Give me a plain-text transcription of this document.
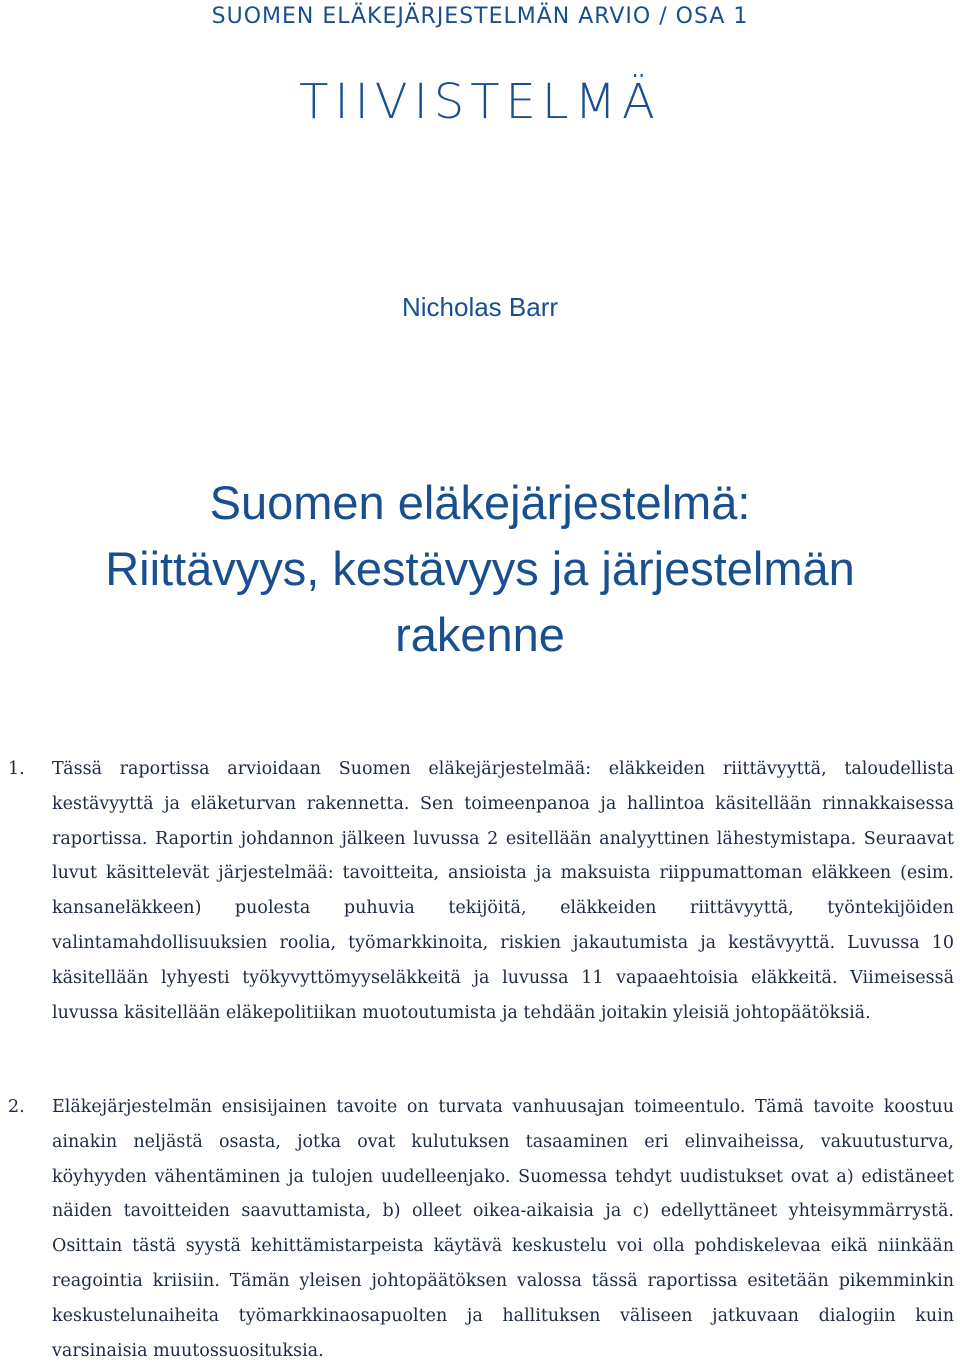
SUOMEN ELÄKEJÄRJESTELMÄN ARVIO / OSA 1
TIIVISTELMÄ
Nicholas Barr
Suomen eläkejärjestelmä:
Riittävyys, kestävyys ja järjestelmän
rakenne
1. Tässä raportissa arvioidaan Suomen eläkejärjestelmää: eläkkeiden riittävyyttä, taloudellista kestävyyttä ja eläketurvan rakennetta. Sen toimeenpanoa ja hallintoa käsitellään rinnakkaisessa raportissa. Raportin johdannon jälkeen luvussa 2 esitellään analyyttinen lähestymistapa. Seuraavat luvut käsittelevät järjestelmää: tavoitteita, ansioista ja maksuista riippumattoman eläkkeen (esim. kansaneläkkeen) puolesta puhuvia tekijöitä, eläkkeiden riittävyyttä, työntekijöiden valintamahdollisuuksien roolia, työmarkkinoita, riskien jakautumista ja kestävyyttä. Luvussa 10 käsitellään lyhyesti työkyvyttömyyseläkkeitä ja luvussa 11 vapaaehtoisia eläkkeitä. Viimeisessä luvussa käsitellään eläkepolitiikan muotoutumista ja tehdään joitakin yleisiä johtopäätöksiä.
2. Eläkejärjestelmän ensisijainen tavoite on turvata vanhuusajan toimeentulo. Tämä tavoite koostuu ainakin neljästä osasta, jotka ovat kulutuksen tasaaminen eri elinvaiheissa, vakuutusturva, köyhyyden vähentäminen ja tulojen uudelleenjako. Suomessa tehdyt uudistukset ovat a) edistäneet näiden tavoitteiden saavuttamista, b) olleet oikea-aikaisia ja c) edellyttäneet yhteisymmärrystä. Osittain tästä syystä kehittämistarpeista käytävä keskustelu voi olla pohdiskelevaa eikä niinkään reagointia kriisiin. Tämän yleisen johtopäätöksen valossa tässä raportissa esitetään pikemminkin keskustelunaiheita työmarkkinaosapuolten ja hallituksen väliseen jatkuvaan dialogiin kuin varsinaisia muutossuosituksia.
